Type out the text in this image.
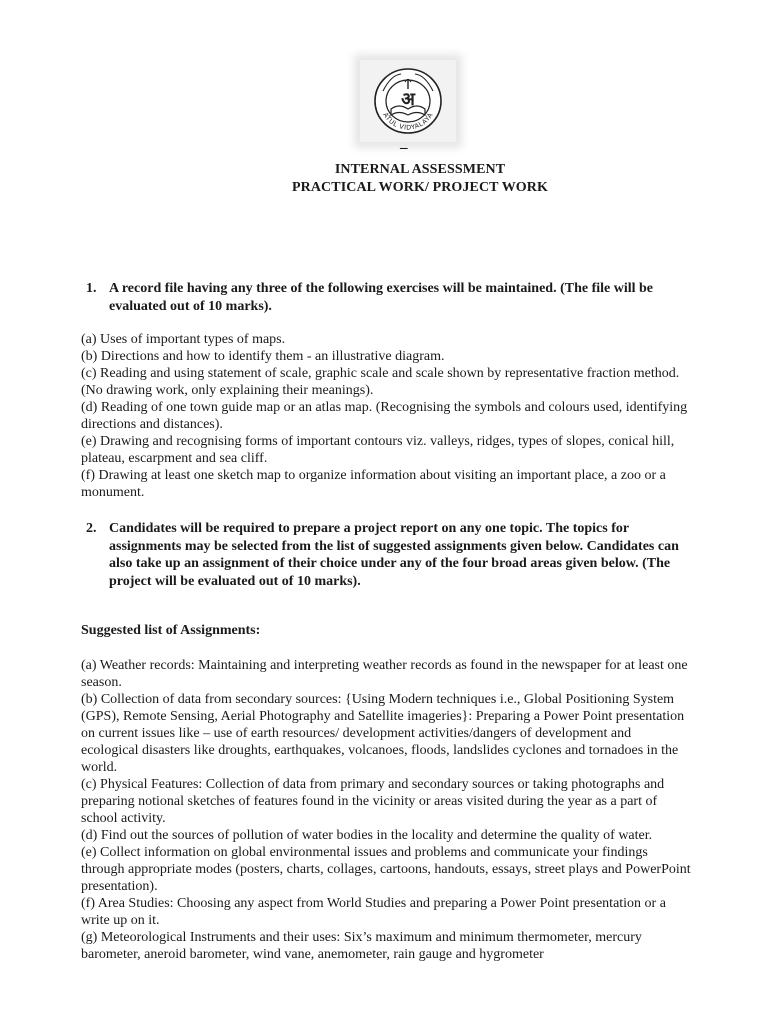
अ
ATUL VIDYALAYA
–
INTERNAL ASSESSMENT
PRACTICAL WORK/ PROJECT WORK
1. A record file having any three of the following exercises will be maintained. (The file will be evaluated out of 10 marks).

(a) Uses of important types of maps.

(b) Directions and how to identify them - an illustrative diagram.

(c) Reading and using statement of scale, graphic scale and scale shown by representative fraction method. (No drawing work, only explaining their meanings).

(d) Reading of one town guide map or an atlas map. (Recognising the symbols and colours used, identifying directions and distances).

(e) Drawing and recognising forms of important contours viz. valleys, ridges, types of slopes, conical hill, plateau, escarpment and sea cliff.

(f) Drawing at least one sketch map to organize information about visiting an important place, a zoo or a monument.

2. Candidates will be required to prepare a project report on any one topic. The topics for assignments may be selected from the list of suggested assignments given below. Candidates can also take up an assignment of their choice under any of the four broad areas given below. (The project will be evaluated out of 10 marks).
Suggested list of Assignments:

(a) Weather records: Maintaining and interpreting weather records as found in the newspaper for at least one season.

(b) Collection of data from secondary sources: {Using Modern techniques i.e., Global Positioning System (GPS), Remote Sensing, Aerial Photography and Satellite imageries}: Preparing a Power Point presentation on current issues like – use of earth resources/ development activities/dangers of development and ecological disasters like droughts, earthquakes, volcanoes, floods, landslides cyclones and tornadoes in the world.

(c) Physical Features: Collection of data from primary and secondary sources or taking photographs and preparing notional sketches of features found in the vicinity or areas visited during the year as a part of school activity.

(d) Find out the sources of pollution of water bodies in the locality and determine the quality of water.

(e) Collect information on global environmental issues and problems and communicate your findings through appropriate modes (posters, charts, collages, cartoons, handouts, essays, street plays and PowerPoint presentation).

(f) Area Studies: Choosing any aspect from World Studies and preparing a Power Point presentation or a write up on it.

(g) Meteorological Instruments and their uses: Six’s maximum and minimum thermometer, mercury barometer, aneroid barometer, wind vane, anemometer, rain gauge and hygrometer
